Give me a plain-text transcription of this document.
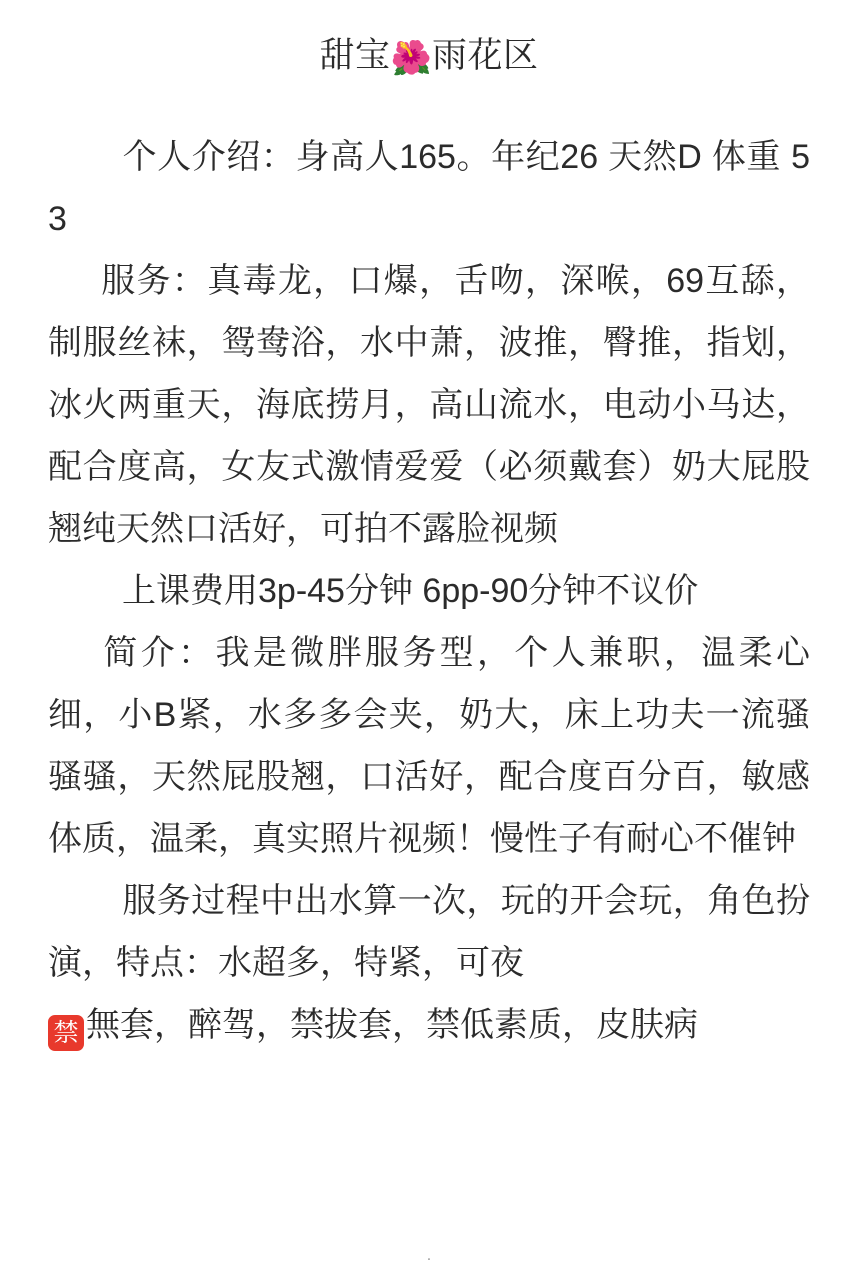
甜宝🌺雨花区

个人介绍：身高人165。年纪26 天然D 体重 53

服务：真毒龙，口爆，舌吻，深喉，69互舔，制服丝袜，鸳鸯浴，水中萧，波推，臀推，指划，冰火两重天，海底捞月，高山流水，电动小马达，配合度高，女友式激情爱爱（必须戴套）奶大屁股翘纯天然口活好，可拍不露脸视频

上课费用3p-45分钟 6pp-90分钟不议价

简介：我是微胖服务型，个人兼职，温柔心细，小B紧，水多多会夹，奶大，床上功夫一流骚骚骚，天然屁股翘，口活好，配合度百分百，敏感体质，温柔，真实照片视频！慢性子有耐心不催钟

服务过程中出水算一次，玩的开会玩，角色扮演，特点：水超多，特紧，可夜

禁 無套，醉驾，禁拔套，禁低素质，皮肤病

.
